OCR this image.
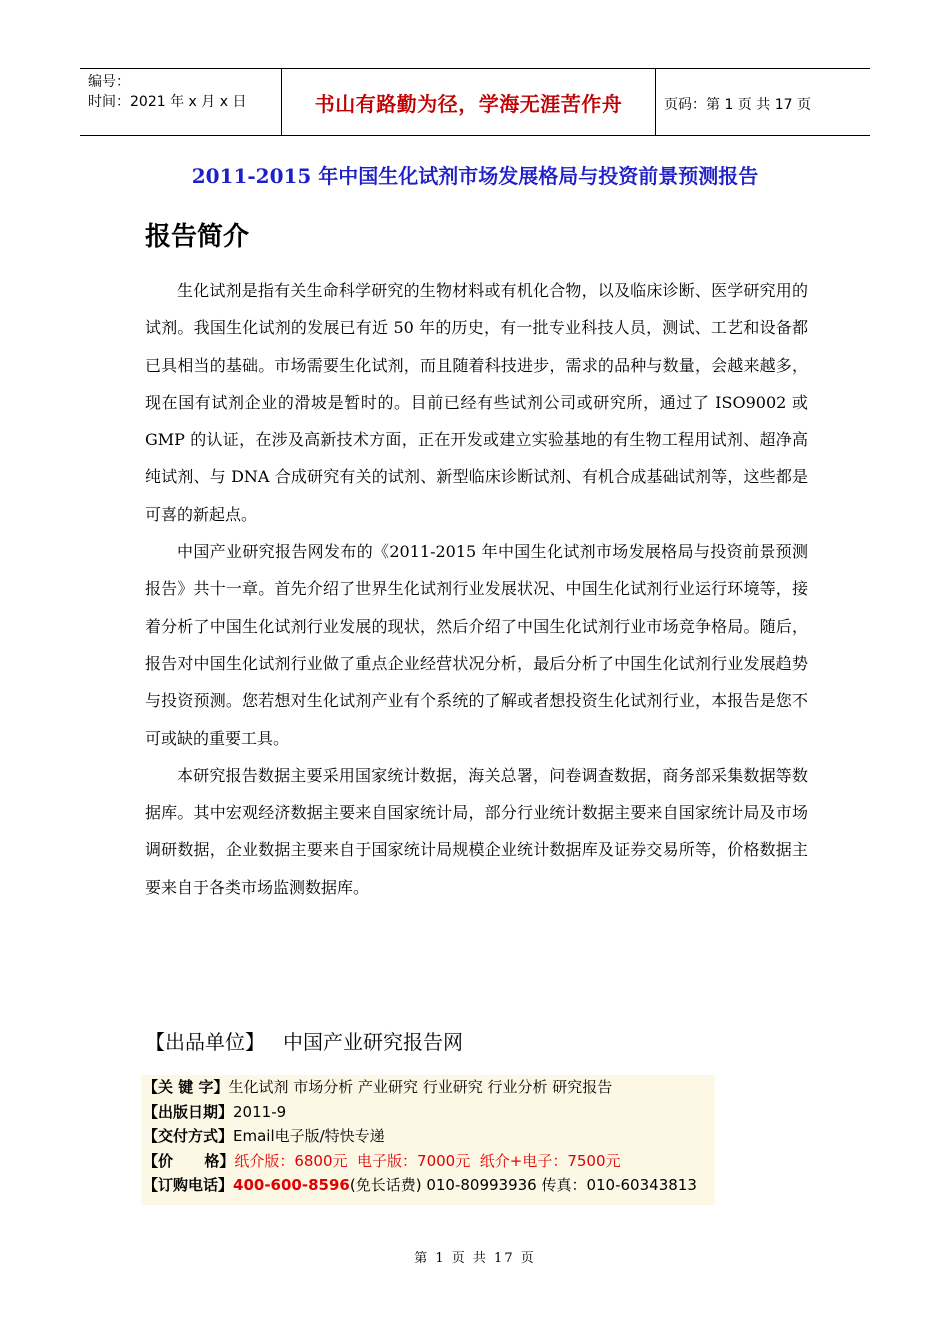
编号：
时间：2021 年 x 月 x 日	书山有路勤为径，学海无涯苦作舟	页码：第 1 页 共 17 页
2011-2015 年中国生化试剂市场发展格局与投资前景预测报告
报告简介

生化试剂是指有关生命科学研究的生物材料或有机化合物，以及临床诊断、医学研究用的试剂。我国生化试剂的发展已有近 50 年的历史，有一批专业科技人员，测试、工艺和设备都已具相当的基础。市场需要生化试剂，而且随着科技进步，需求的品种与数量，会越来越多，现在国有试剂企业的滑坡是暂时的。目前已经有些试剂公司或研究所，通过了 ISO9002 或 GMP 的认证，在涉及高新技术方面，正在开发或建立实验基地的有生物工程用试剂、超净高纯试剂、与 DNA 合成研究有关的试剂、新型临床诊断试剂、有机合成基础试剂等，这些都是可喜的新起点。

中国产业研究报告网发布的《2011-2015 年中国生化试剂市场发展格局与投资前景预测报告》共十一章。首先介绍了世界生化试剂行业发展状况、中国生化试剂行业运行环境等，接着分析了中国生化试剂行业发展的现状，然后介绍了中国生化试剂行业市场竞争格局。随后，报告对中国生化试剂行业做了重点企业经营状况分析，最后分析了中国生化试剂行业发展趋势与投资预测。您若想对生化试剂产业有个系统的了解或者想投资生化试剂行业，本报告是您不可或缺的重要工具。

本研究报告数据主要采用国家统计数据，海关总署，问卷调查数据，商务部采集数据等数据库。其中宏观经济数据主要来自国家统计局，部分行业统计数据主要来自国家统计局及市场调研数据，企业数据主要来自于国家统计局规模企业统计数据库及证券交易所等，价格数据主要来自于各类市场监测数据库。

【出品单位】 中国产业研究报告网
【关 键 字】生化试剂 市场分析 产业研究 行业研究 行业分析 研究报告
【出版日期】2011-9
【交付方式】Email电子版/特快专递
【价      格】纸介版：6800元  电子版：7000元  纸介+电子：7500元
【订购电话】400-600-8596(免长话费) 010-80993936 传真：010-60343813
第 1 页 共 17 页
